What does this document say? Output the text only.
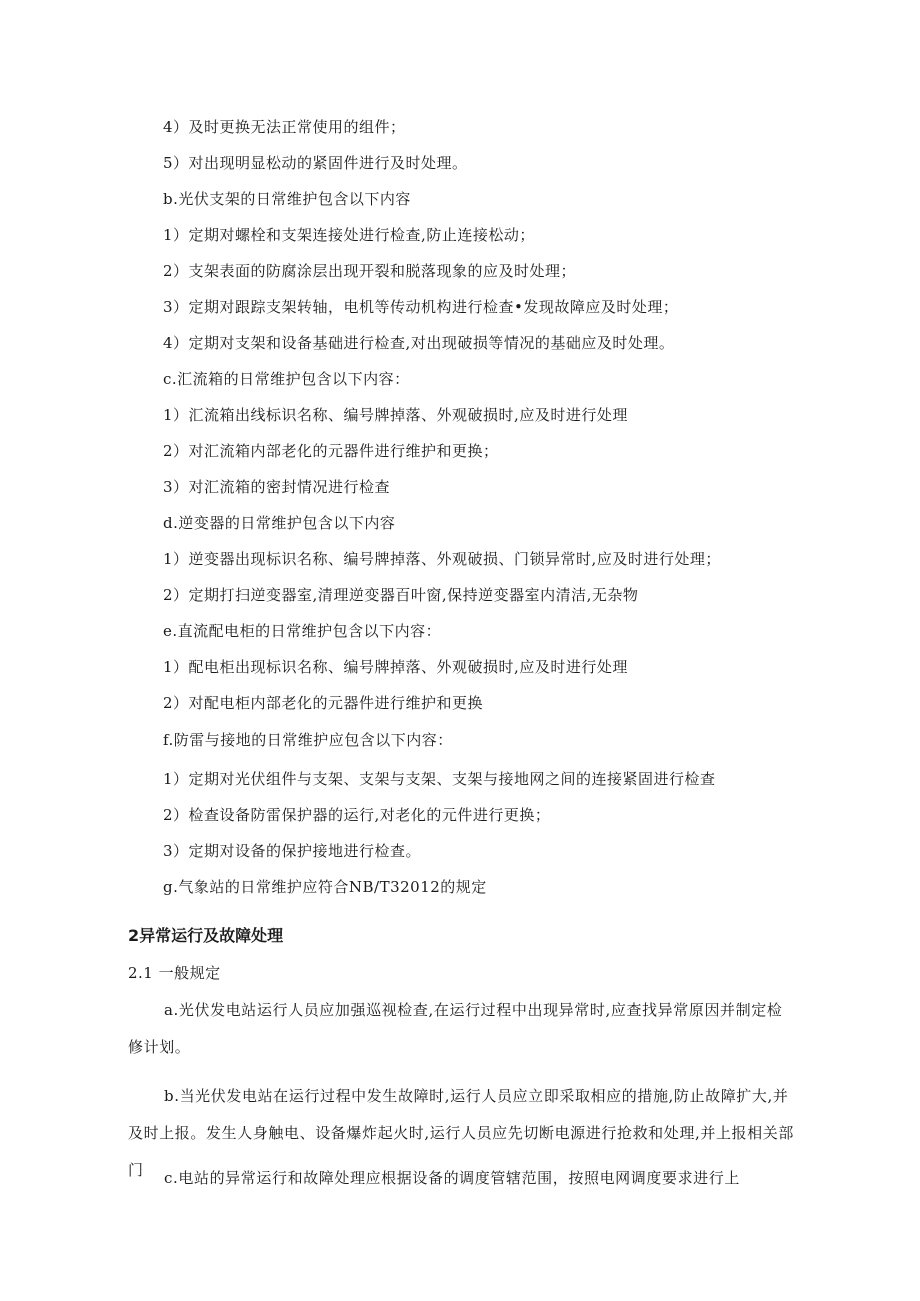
4）及时更换无法正常使用的组件；
5）对出现明显松动的紧固件进行及时处理。
b.光伏支架的日常维护包含以下内容
1）定期对螺栓和支架连接处进行检查,防止连接松动；
2）支架表面的防腐涂层出现开裂和脱落现象的应及时处理；
3）定期对跟踪支架转轴，电机等传动机构进行检查•发现故障应及时处理；
4）定期对支架和设备基础进行检查,对出现破损等情况的基础应及时处理。
c.汇流箱的日常维护包含以下内容：
1）汇流箱出线标识名称、编号牌掉落、外观破损时,应及时进行处理
2）对汇流箱内部老化的元器件进行维护和更换；
3）对汇流箱的密封情况进行检查
d.逆变器的日常维护包含以下内容
1）逆变器出现标识名称、编号牌掉落、外观破损、门锁异常时,应及时进行处理；
2）定期打扫逆变器室,清理逆变器百叶窗,保持逆变器室内清洁,无杂物
e.直流配电柜的日常维护包含以下内容：
1）配电柜出现标识名称、编号牌掉落、外观破损时,应及时进行处理
2）对配电柜内部老化的元器件进行维护和更换
f.防雷与接地的日常维护应包含以下内容：
1）定期对光伏组件与支架、支架与支架、支架与接地网之间的连接紧固进行检查
2）检查设备防雷保护器的运行,对老化的元件进行更换；
3）定期对设备的保护接地进行检查。
g.气象站的日常维护应符合NB/T32012的规定
2异常运行及故障处理
2.1 一般规定
a.光伏发电站运行人员应加强巡视检查,在运行过程中出现异常时,应查找异常原因并制定检修计划。
b.当光伏发电站在运行过程中发生故障时,运行人员应立即采取相应的措施,防止故障扩大,并及时上报。发生人身触电、设备爆炸起火时,运行人员应先切断电源进行抢救和处理,并上报相关部门	c.电站的异常运行和故障处理应根据设备的调度管辖范围，按照电网调度要求进行上
